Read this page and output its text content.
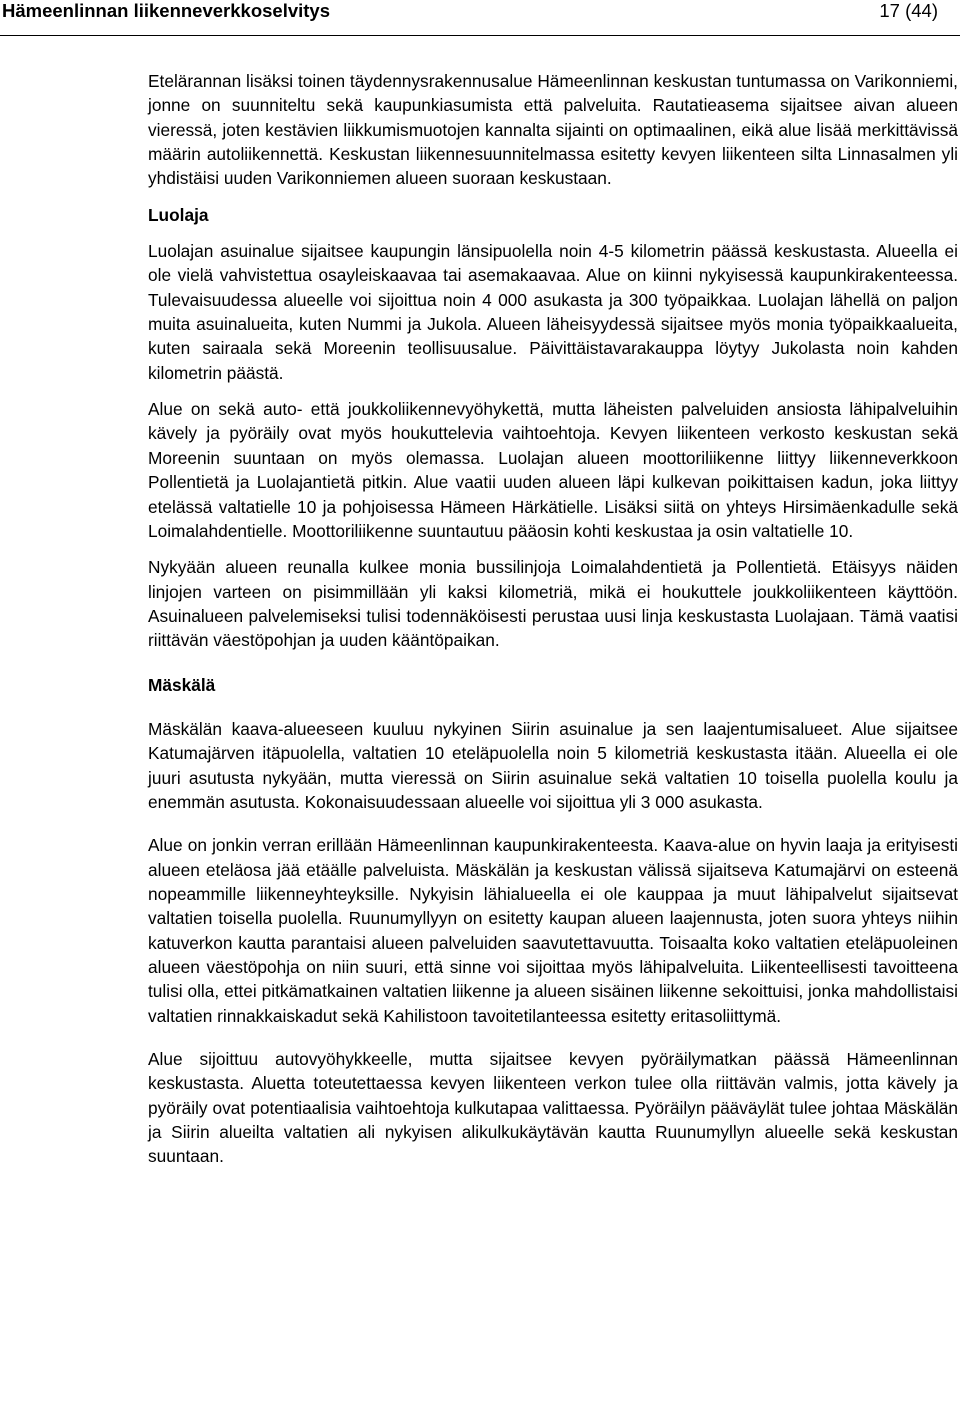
Hämeenlinnan liikenneverkkoselvitys	17 (44)

Etelärannan lisäksi toinen täydennysrakennusalue Hämeenlinnan keskustan tuntumassa on Varikonniemi, jonne on suunniteltu sekä kaupunkiasumista että palveluita. Rautatieasema sijaitsee aivan alueen vieressä, joten kestävien liikkumismuotojen kannalta sijainti on optimaalinen, eikä alue lisää merkittävissä määrin autoliikennettä. Keskustan liikennesuunnitelmassa esitetty kevyen liikenteen silta Linnasalmen yli yhdistäisi uuden Varikonniemen alueen suoraan keskustaan.

Luolaja

Luolajan asuinalue sijaitsee kaupungin länsipuolella noin 4-5 kilometrin päässä keskustasta. Alueella ei ole vielä vahvistettua osayleiskaavaa tai asemakaavaa. Alue on kiinni nykyisessä kaupunkirakenteessa. Tulevaisuudessa alueelle voi sijoittua noin 4 000 asukasta ja 300 työpaikkaa. Luolajan lähellä on paljon muita asuinalueita, kuten Nummi ja Jukola. Alueen läheisyydessä sijaitsee myös monia työpaikkaalueita, kuten sairaala sekä Moreenin teollisuusalue. Päivittäistavarakauppa löytyy Jukolasta noin kahden kilometrin päästä.

Alue on sekä auto- että joukkoliikennevyöhykettä, mutta läheisten palveluiden ansiosta lähipalveluihin kävely ja pyöräily ovat myös houkuttelevia vaihtoehtoja. Kevyen liikenteen verkosto keskustan sekä Moreenin suuntaan on myös olemassa. Luolajan alueen moottoriliikenne liittyy liikenneverkkoon Pollentietä ja Luolajantietä pitkin. Alue vaatii uuden alueen läpi kulkevan poikittaisen kadun, joka liittyy etelässä valtatielle 10 ja pohjoisessa Hämeen Härkätielle. Lisäksi siitä on yhteys Hirsimäenkadulle sekä Loimalahdentielle. Moottoriliikenne suuntautuu pääosin kohti keskustaa ja osin valtatielle 10.

Nykyään alueen reunalla kulkee monia bussilinjoja Loimalahdentietä ja Pollentietä. Etäisyys näiden linjojen varteen on pisimmillään yli kaksi kilometriä, mikä ei houkuttele joukkoliikenteen käyttöön. Asuinalueen palvelemiseksi tulisi todennäköisesti perustaa uusi linja keskustasta Luolajaan. Tämä vaatisi riittävän väestöpohjan ja uuden kääntöpaikan.

Mäskälä

Mäskälän kaava-alueeseen kuuluu nykyinen Siirin asuinalue ja sen laajentumisalueet. Alue sijaitsee Katumajärven itäpuolella, valtatien 10 eteläpuolella noin 5 kilometriä keskustasta itään. Alueella ei ole juuri asutusta nykyään, mutta vieressä on Siirin asuinalue sekä valtatien 10 toisella puolella koulu ja enemmän asutusta. Kokonaisuudessaan alueelle voi sijoittua yli 3 000 asukasta.

Alue on jonkin verran erillään Hämeenlinnan kaupunkirakenteesta. Kaava-alue on hyvin laaja ja erityisesti alueen eteläosa jää etäälle palveluista. Mäskälän ja keskustan välissä sijaitseva Katumajärvi on esteenä nopeammille liikenneyhteyksille. Nykyisin lähialueella ei ole kauppaa ja muut lähipalvelut sijaitsevat valtatien toisella puolella. Ruunumyllyyn on esitetty kaupan alueen laajennusta, joten suora yhteys niihin katuverkon kautta parantaisi alueen palveluiden saavutettavuutta. Toisaalta koko valtatien eteläpuoleinen alueen väestöpohja on niin suuri, että sinne voi sijoittaa myös lähipalveluita. Liikenteellisesti tavoitteena tulisi olla, ettei pitkämatkainen valtatien liikenne ja alueen sisäinen liikenne sekoittuisi, jonka mahdollistaisi valtatien rinnakkaiskadut sekä Kahilistoon tavoitetilanteessa esitetty eritasoliittymä.

Alue sijoittuu autovyöhykkeelle, mutta sijaitsee kevyen pyöräilymatkan päässä Hämeenlinnan keskustasta. Aluetta toteutettaessa kevyen liikenteen verkon tulee olla riittävän valmis, jotta kävely ja pyöräily ovat potentiaalisia vaihtoehtoja kulkutapaa valittaessa. Pyöräilyn pääväylät tulee johtaa Mäskälän ja Siirin alueilta valtatien ali nykyisen alikulkukäytävän kautta Ruunumyllyn alueelle sekä keskustan suuntaan.
